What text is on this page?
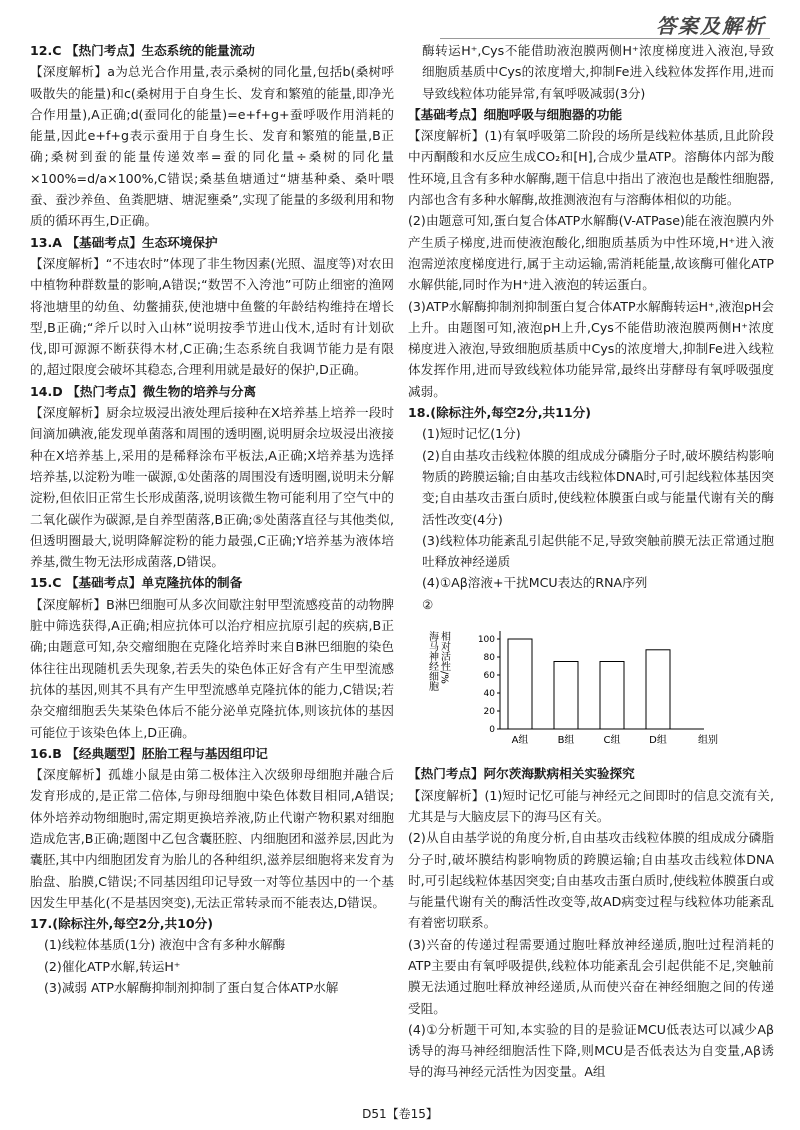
答案及解析

12.C 【热门考点】生态系统的能量流动

【深度解析】a为总光合作用量,表示桑树的同化量,包括b(桑树呼吸散失的能量)和c(桑树用于自身生长、发育和繁殖的能量,即净光合作用量),A正确;d(蚕同化的能量)=e+f+g+蚕呼吸作用消耗的能量,因此e+f+g表示蚕用于自身生长、发育和繁殖的能量,B正确;桑树到蚕的能量传递效率=蚕的同化量÷桑树的同化量×100%=d/a×100%,C错误;桑基鱼塘通过“塘基种桑、桑叶喂蚕、蚕沙养鱼、鱼粪肥塘、塘泥壅桑”,实现了能量的多级利用和物质的循环再生,D正确。

13.A 【基础考点】生态环境保护

【深度解析】“不违农时”体现了非生物因素(光照、温度等)对农田中植物种群数量的影响,A错误;“数罟不入洿池”可防止细密的渔网将池塘里的幼鱼、幼鳖捕获,使池塘中鱼鳖的年龄结构维持在增长型,B正确;“斧斤以时入山林”说明按季节进山伐木,适时有计划砍伐,即可源源不断获得木材,C正确;生态系统自我调节能力是有限的,超过限度会破坏其稳态,合理利用就是最好的保护,D正确。

14.D 【热门考点】微生物的培养与分离

【深度解析】厨余垃圾浸出液处理后接种在X培养基上培养一段时间滴加碘液,能发现单菌落和周围的透明圈,说明厨余垃圾浸出液接种在X培养基上,采用的是稀释涂布平板法,A正确;X培养基为选择培养基,以淀粉为唯一碳源,①处菌落的周围没有透明圈,说明未分解淀粉,但依旧正常生长形成菌落,说明该微生物可能利用了空气中的二氧化碳作为碳源,是自养型菌落,B正确;⑤处菌落直径与其他类似,但透明圈最大,说明降解淀粉的能力最强,C正确;Y培养基为液体培养基,微生物无法形成菌落,D错误。

15.C 【基础考点】单克隆抗体的制备

【深度解析】B淋巴细胞可从多次间歇注射甲型流感疫苗的动物脾脏中筛选获得,A正确;相应抗体可以治疗相应抗原引起的疾病,B正确;由题意可知,杂交瘤细胞在克隆化培养时来自B淋巴细胞的染色体往往出现随机丢失现象,若丢失的染色体正好含有产生甲型流感抗体的基因,则其不具有产生甲型流感单克隆抗体的能力,C错误;若杂交瘤细胞丢失某染色体后不能分泌单克隆抗体,则该抗体的基因可能位于该染色体上,D正确。

16.B 【经典题型】胚胎工程与基因组印记

【深度解析】孤雄小鼠是由第二极体注入次级卵母细胞并融合后发育形成的,是正常二倍体,与卵母细胞中染色体数目相同,A错误;体外培养动物细胞时,需定期更换培养液,防止代谢产物积累对细胞造成危害,B正确;题图中乙包含囊胚腔、内细胞团和滋养层,因此为囊胚,其中内细胞团发育为胎儿的各种组织,滋养层细胞将来发育为胎盘、胎膜,C错误;不同基因组印记导致一对等位基因中的一个基因发生甲基化(不是基因突变),无法正常转录而不能表达,D错误。

17.(除标注外,每空2分,共10分)

(1)线粒体基质(1分) 液泡中含有多种水解酶

(2)催化ATP水解,转运H⁺

(3)减弱 ATP水解酶抑制剂抑制了蛋白复合体ATP水解

酶转运H⁺,Cys不能借助液泡膜两侧H⁺浓度梯度进入液泡,导致细胞质基质中Cys的浓度增大,抑制Fe进入线粒体发挥作用,进而导致线粒体功能异常,有氧呼吸减弱(3分)

【基础考点】细胞呼吸与细胞器的功能

【深度解析】(1)有氧呼吸第二阶段的场所是线粒体基质,且此阶段中丙酮酸和水反应生成CO₂和[H],合成少量ATP。溶酶体内部为酸性环境,且含有多种水解酶,题干信息中指出了液泡也是酸性细胞器,内部也含有多种水解酶,故推测液泡有与溶酶体相似的功能。

(2)由题意可知,蛋白复合体ATP水解酶(V-ATPase)能在液泡膜内外产生质子梯度,进而使液泡酸化,细胞质基质为中性环境,H⁺进入液泡需逆浓度梯度进行,属于主动运输,需消耗能量,故该酶可催化ATP水解供能,同时作为H⁺进入液泡的转运蛋白。

(3)ATP水解酶抑制剂抑制蛋白复合体ATP水解酶转运H⁺,液泡pH会上升。由题图可知,液泡pH上升,Cys不能借助液泡膜两侧H⁺浓度梯度进入液泡,导致细胞质基质中Cys的浓度增大,抑制Fe进入线粒体发挥作用,进而导致线粒体功能异常,最终出芽酵母有氧呼吸强度减弱。

18.(除标注外,每空2分,共11分)

(1)短时记忆(1分)

(2)自由基攻击线粒体膜的组成成分磷脂分子时,破坏膜结构影响物质的跨膜运输;自由基攻击线粒体DNA时,可引起线粒体基因突变;自由基攻击蛋白质时,使线粒体膜蛋白或与能量代谢有关的酶活性改变(4分)

(3)线粒体功能紊乱引起供能不足,导致突触前膜无法正常通过胞吐释放神经递质

(4)①Aβ溶液+干扰MCU表达的RNA序列

②

海马神经细胞 相对活性/%
0
20
40
60
80
100
A组	B组	C组	D组	组别

【热门考点】阿尔茨海默病相关实验探究

【深度解析】(1)短时记忆可能与神经元之间即时的信息交流有关,尤其是与大脑皮层下的海马区有关。

(2)从自由基学说的角度分析,自由基攻击线粒体膜的组成成分磷脂分子时,破坏膜结构影响物质的跨膜运输;自由基攻击线粒体DNA时,可引起线粒体基因突变;自由基攻击蛋白质时,使线粒体膜蛋白或与能量代谢有关的酶活性改变等,故AD病变过程与线粒体功能紊乱有着密切联系。

(3)兴奋的传递过程需要通过胞吐释放神经递质,胞吐过程消耗的ATP主要由有氧呼吸提供,线粒体功能紊乱会引起供能不足,突触前膜无法通过胞吐释放神经递质,从而使兴奋在神经细胞之间的传递受阻。

(4)①分析题干可知,本实验的目的是验证MCU低表达可以减少Aβ诱导的海马神经细胞活性下降,则MCU是否低表达为自变量,Aβ诱导的海马神经元活性为因变量。A组

D51【卷15】
